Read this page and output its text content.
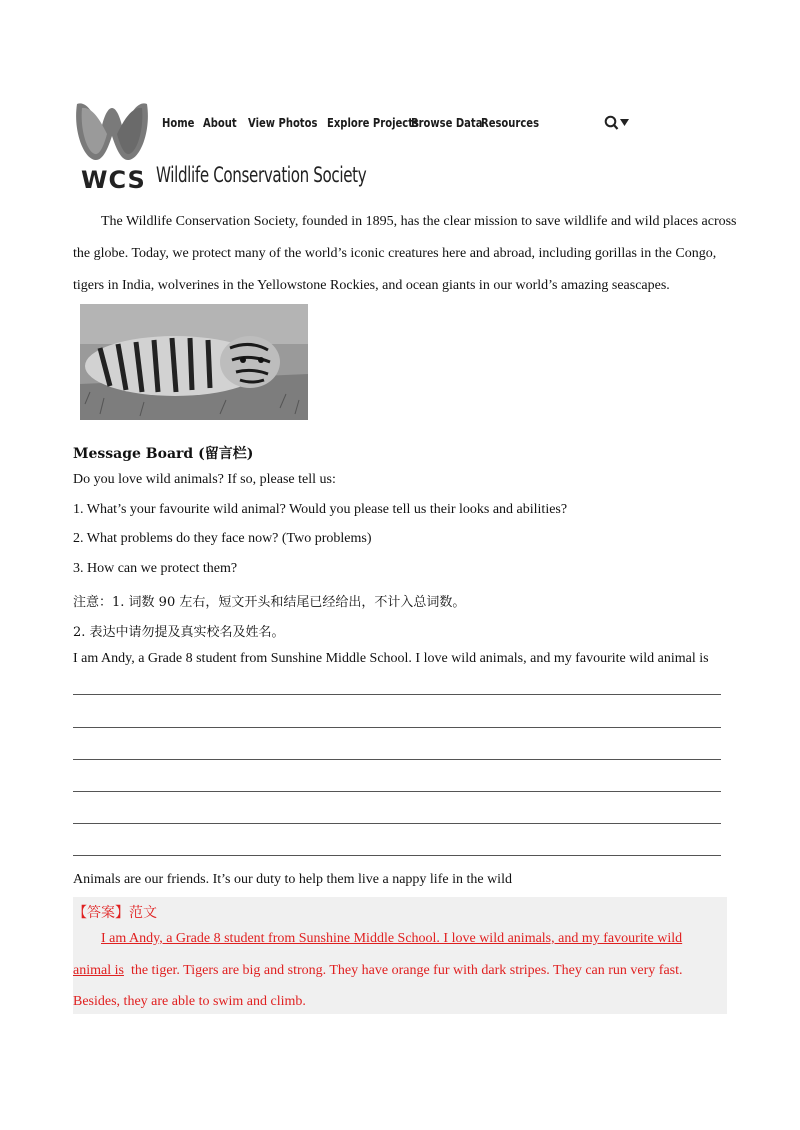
WCS Wildlife Conservation Society
Home About View Photos Explore Projects
Browse Data
Resources
The Wildlife Conservation Society, founded in 1895, has the clear mission to save wildlife and wild places across
the globe. Today, we protect many of the world’s iconic creatures here and abroad, including gorillas in the Congo,
tigers in India, wolverines in the Yellowstone Rockies, and ocean giants in our world’s amazing seascapes.
Message Board (留言栏)
Do you love wild animals? If so, please tell us:
1. What’s your favourite wild animal? Would you please tell us their looks and abilities?
2. What problems do they face now? (Two problems)
3. How can we protect them?
注意：1. 词数 90 左右，短文开头和结尾已经给出，不计入总词数。
2. 表达中请勿提及真实校名及姓名。
I am Andy, a Grade 8 student from Sunshine Middle School. I love wild animals, and my favourite wild animal is
Animals are our friends. It’s our duty to help them live a nappy life in the wild
【答案】范文
I am Andy, a Grade 8 student from Sunshine Middle School. I love wild animals, and my favourite wild
animal is  the tiger. Tigers are big and strong. They have orange fur with dark stripes. They can run very fast.
Besides, they are able to swim and climb.
